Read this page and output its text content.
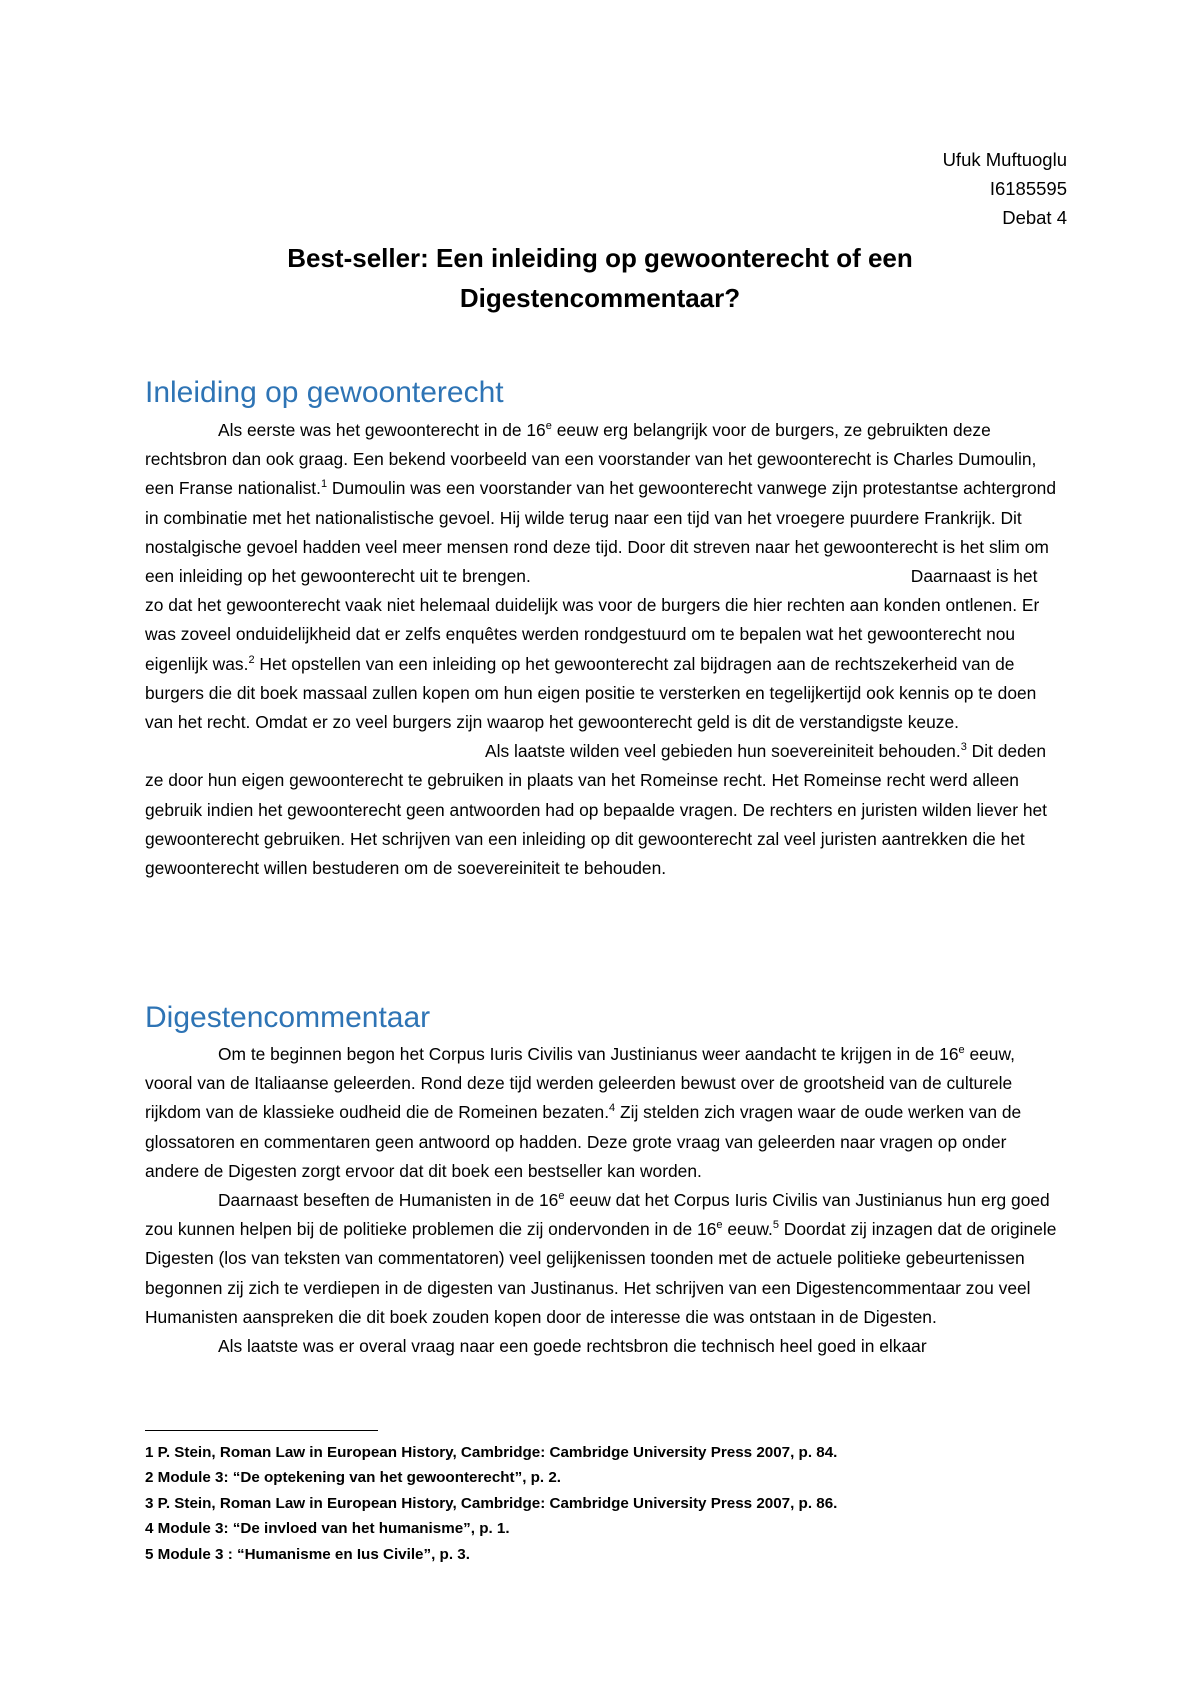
Ufuk Muftuoglu
I6185595
Debat 4
Best-seller: Een inleiding op gewoonterecht of een
Digestencommentaar?
Inleiding op gewoonterecht

Als eerste was het gewoonterecht in de 16e eeuw erg belangrijk voor de burgers, ze gebruikten deze rechtsbron dan ook graag. Een bekend voorbeeld van een voorstander van het gewoonterecht is Charles Dumoulin, een Franse nationalist.$^1$ Dumoulin was een voorstander van het gewoonterecht vanwege zijn protestantse achtergrond in combinatie met het nationalistische gevoel. Hij wilde terug naar een tijd van het vroegere puurdere Frankrijk. Dit nostalgische gevoel hadden veel meer mensen rond deze tijd. Door dit streven naar het gewoonterecht is het slim om een inleiding op het gewoonterecht uit te brengen.	Daarnaast is het zo dat het gewoonterecht vaak niet helemaal duidelijk was voor de burgers die hier rechten aan konden ontlenen. Er was zoveel onduidelijkheid dat er zelfs enquêtes werden rondgestuurd om te bepalen wat het gewoonterecht nou eigenlijk was.$^2$ Het opstellen van een inleiding op het gewoonterecht zal bijdragen aan de rechtszekerheid van de burgers die dit boek massaal zullen kopen om hun eigen positie te versterken en tegelijkertijd ook kennis op te doen van het recht. Omdat er zo veel burgers zijn waarop het gewoonterecht geld is dit de verstandigste keuze.Als laatste wilden veel gebieden hun soevereiniteit behouden.$^3$ Dit deden ze door hun eigen gewoonterecht te gebruiken in plaats van het Romeinse recht. Het Romeinse recht werd alleen gebruik indien het gewoonterecht geen antwoorden had op bepaalde vragen. De rechters en juristen wilden liever het gewoonterecht gebruiken. Het schrijven van een inleiding op dit gewoonterecht zal veel juristen aantrekken die het gewoonterecht willen bestuderen om de soevereiniteit te behouden.

Digestencommentaar

Om te beginnen begon het Corpus Iuris Civilis van Justinianus weer aandacht te krijgen in de 16e eeuw, vooral van de Italiaanse geleerden. Rond deze tijd werden geleerden bewust over de grootsheid van de culturele rijkdom van de klassieke oudheid die de Romeinen bezaten.$^4$ Zij stelden zich vragen waar de oude werken van de glossatoren en commentaren geen antwoord op hadden. Deze grote vraag van geleerden naar vragen op onder andere de Digesten zorgt ervoor dat dit boek een bestseller kan worden.

Daarnaast beseften de Humanisten in de 16e eeuw dat het Corpus Iuris Civilis van Justinianus hun erg goed zou kunnen helpen bij de politieke problemen die zij ondervonden in de 16e eeuw.$^5$ Doordat zij inzagen dat de originele Digesten (los van teksten van commentatoren) veel gelijkenissen toonden met de actuele politieke gebeurtenissen begonnen zij zich te verdiepen in de digesten van Justinanus. Het schrijven van een Digestencommentaar zou veel Humanisten aanspreken die dit boek zouden kopen door de interesse die was ontstaan in de Digesten.

Als laatste was er overal vraag naar een goede rechtsbron die technisch heel goed in elkaar

1 P. Stein, Roman Law in European History, Cambridge: Cambridge University Press 2007, p. 84.
2 Module 3: “De optekening van het gewoonterecht”, p. 2.
3 P. Stein, Roman Law in European History, Cambridge: Cambridge University Press 2007, p. 86.
4 Module 3: “De invloed van het humanisme”, p. 1.
5 Module 3 : “Humanisme en Ius Civile”, p. 3.
